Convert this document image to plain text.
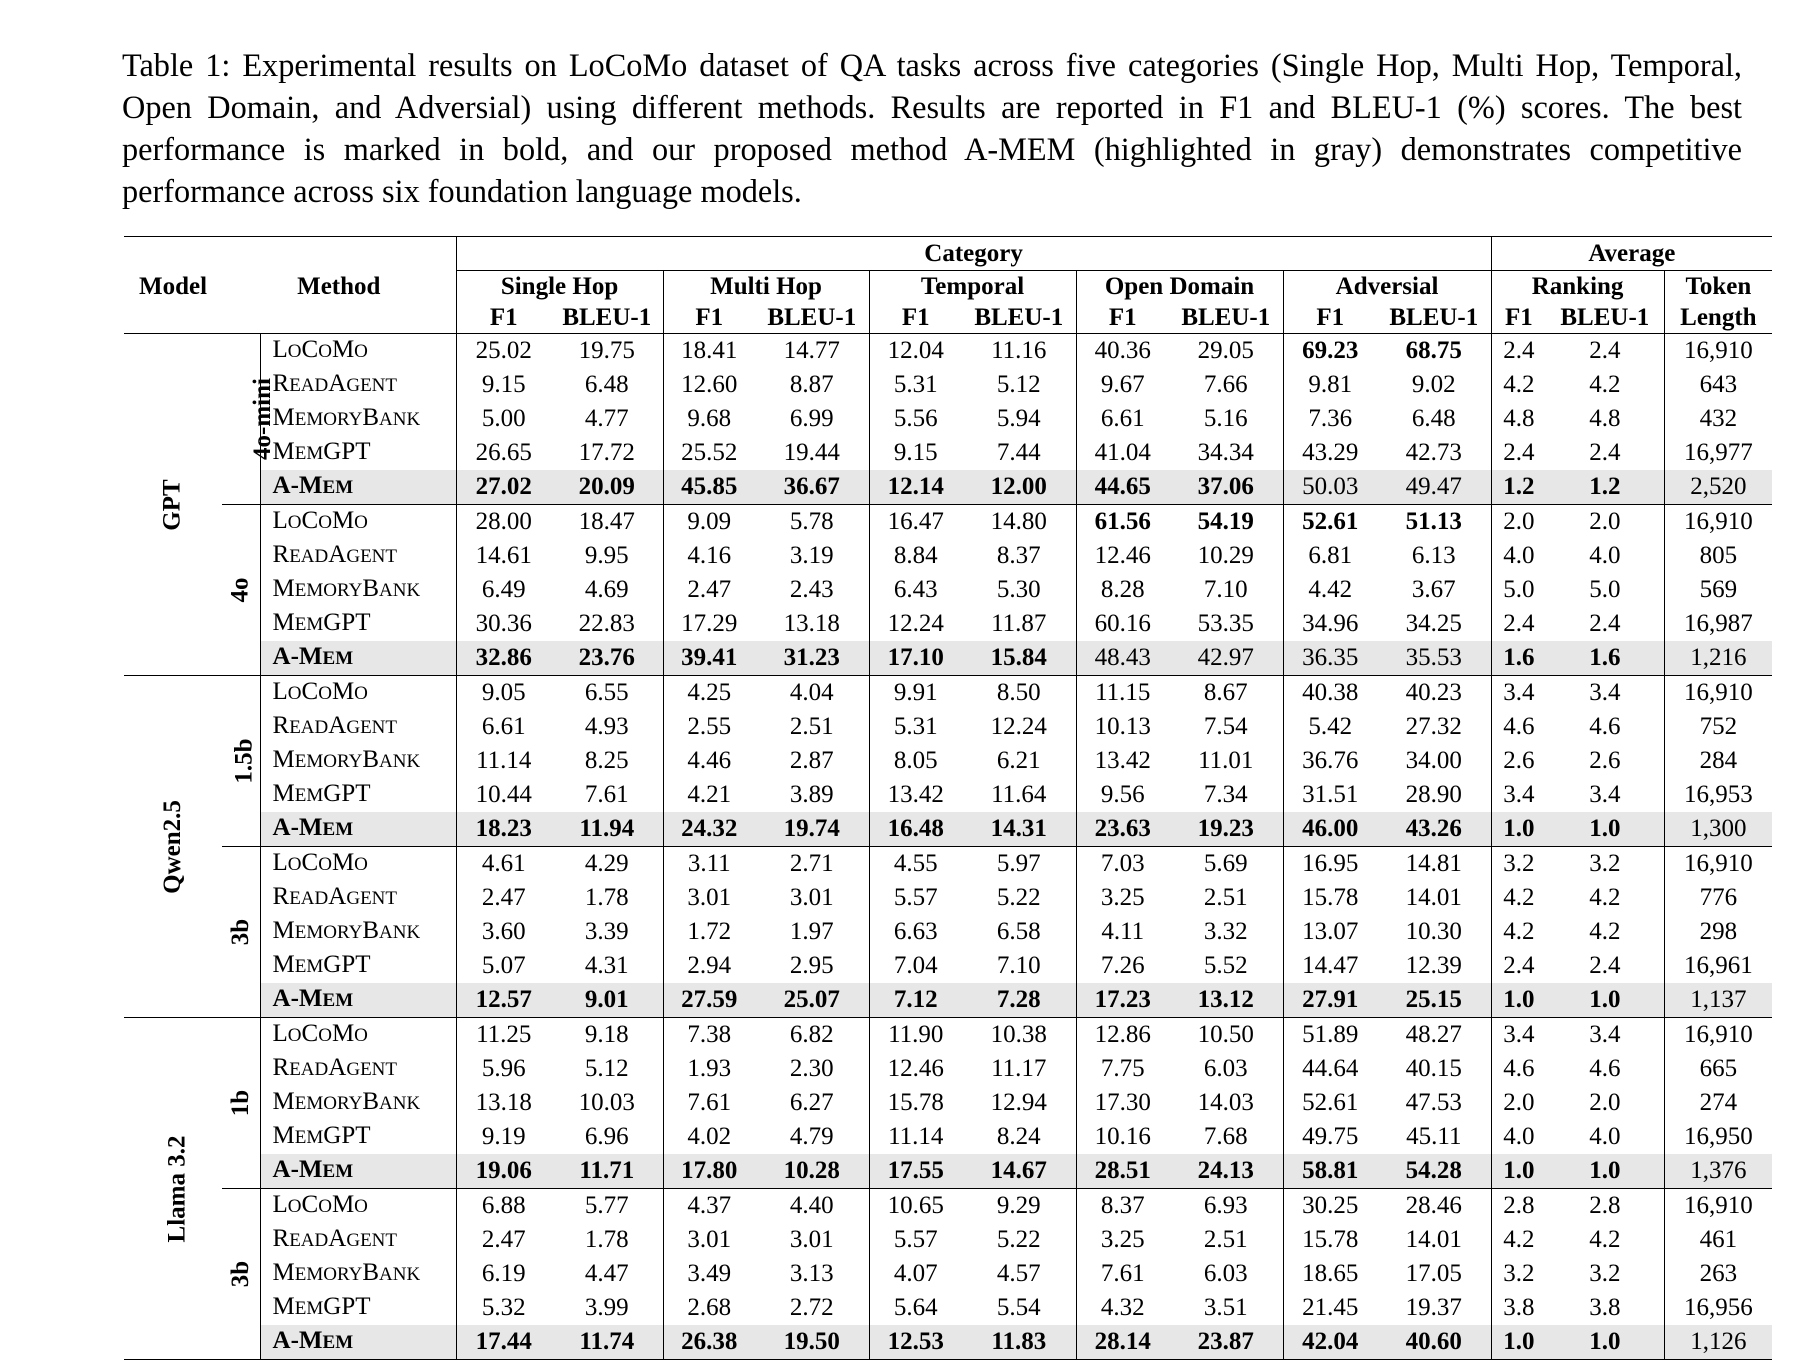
Table 1: Experimental results on LoCoMo dataset of QA tasks across five categories (Single Hop, Multi Hop, Temporal, Open Domain, and Adversial) using different methods. Results are reported in F1 and BLEU-1 (%) scores. The best performance is marked in bold, and our proposed method A-MEM (highlighted in gray) demonstrates competitive performance across six foundation language models.
			Category										Average		
Model	Method		Single Hop		Multi Hop		Temporal		Open Domain		Adversial		Ranking		Token
			F1	BLEU-1	F1	BLEU-1	F1	BLEU-1	F1	BLEU-1	F1	BLEU-1	F1	BLEU-1	Length
GPT	4o-mini	LOCOMO	25.02	19.75	18.41	14.77	12.04	11.16	40.36	29.05	69.23	68.75	2.4	2.4	16,910
		READAGENT	9.15	6.48	12.60	8.87	5.31	5.12	9.67	7.66	9.81	9.02	4.2	4.2	643
		MEMORYBANK	5.00	4.77	9.68	6.99	5.56	5.94	6.61	5.16	7.36	6.48	4.8	4.8	432
		MEMGPT	26.65	17.72	25.52	19.44	9.15	7.44	41.04	34.34	43.29	42.73	2.4	2.4	16,977
		A-MEM	27.02	20.09	45.85	36.67	12.14	12.00	44.65	37.06	50.03	49.47	1.2	1.2	2,520
	4o	LOCOMO	28.00	18.47	9.09	5.78	16.47	14.80	61.56	54.19	52.61	51.13	2.0	2.0	16,910
		READAGENT	14.61	9.95	4.16	3.19	8.84	8.37	12.46	10.29	6.81	6.13	4.0	4.0	805
		MEMORYBANK	6.49	4.69	2.47	2.43	6.43	5.30	8.28	7.10	4.42	3.67	5.0	5.0	569
		MEMGPT	30.36	22.83	17.29	13.18	12.24	11.87	60.16	53.35	34.96	34.25	2.4	2.4	16,987
		A-MEM	32.86	23.76	39.41	31.23	17.10	15.84	48.43	42.97	36.35	35.53	1.6	1.6	1,216
Qwen2.5	1.5b	LOCOMO	9.05	6.55	4.25	4.04	9.91	8.50	11.15	8.67	40.38	40.23	3.4	3.4	16,910
		READAGENT	6.61	4.93	2.55	2.51	5.31	12.24	10.13	7.54	5.42	27.32	4.6	4.6	752
		MEMORYBANK	11.14	8.25	4.46	2.87	8.05	6.21	13.42	11.01	36.76	34.00	2.6	2.6	284
		MEMGPT	10.44	7.61	4.21	3.89	13.42	11.64	9.56	7.34	31.51	28.90	3.4	3.4	16,953
		A-MEM	18.23	11.94	24.32	19.74	16.48	14.31	23.63	19.23	46.00	43.26	1.0	1.0	1,300
	3b	LOCOMO	4.61	4.29	3.11	2.71	4.55	5.97	7.03	5.69	16.95	14.81	3.2	3.2	16,910
		READAGENT	2.47	1.78	3.01	3.01	5.57	5.22	3.25	2.51	15.78	14.01	4.2	4.2	776
		MEMORYBANK	3.60	3.39	1.72	1.97	6.63	6.58	4.11	3.32	13.07	10.30	4.2	4.2	298
		MEMGPT	5.07	4.31	2.94	2.95	7.04	7.10	7.26	5.52	14.47	12.39	2.4	2.4	16,961
		A-MEM	12.57	9.01	27.59	25.07	7.12	7.28	17.23	13.12	27.91	25.15	1.0	1.0	1,137
Llama 3.2	1b	LOCOMO	11.25	9.18	7.38	6.82	11.90	10.38	12.86	10.50	51.89	48.27	3.4	3.4	16,910
		READAGENT	5.96	5.12	1.93	2.30	12.46	11.17	7.75	6.03	44.64	40.15	4.6	4.6	665
		MEMORYBANK	13.18	10.03	7.61	6.27	15.78	12.94	17.30	14.03	52.61	47.53	2.0	2.0	274
		MEMGPT	9.19	6.96	4.02	4.79	11.14	8.24	10.16	7.68	49.75	45.11	4.0	4.0	16,950
		A-MEM	19.06	11.71	17.80	10.28	17.55	14.67	28.51	24.13	58.81	54.28	1.0	1.0	1,376
	3b	LOCOMO	6.88	5.77	4.37	4.40	10.65	9.29	8.37	6.93	30.25	28.46	2.8	2.8	16,910
		READAGENT	2.47	1.78	3.01	3.01	5.57	5.22	3.25	2.51	15.78	14.01	4.2	4.2	461
		MEMORYBANK	6.19	4.47	3.49	3.13	4.07	4.57	7.61	6.03	18.65	17.05	3.2	3.2	263
		MEMGPT	5.32	3.99	2.68	2.72	5.64	5.54	4.32	3.51	21.45	19.37	3.8	3.8	16,956
		A-MEM	17.44	11.74	26.38	19.50	12.53	11.83	28.14	23.87	42.04	40.60	1.0	1.0	1,126
